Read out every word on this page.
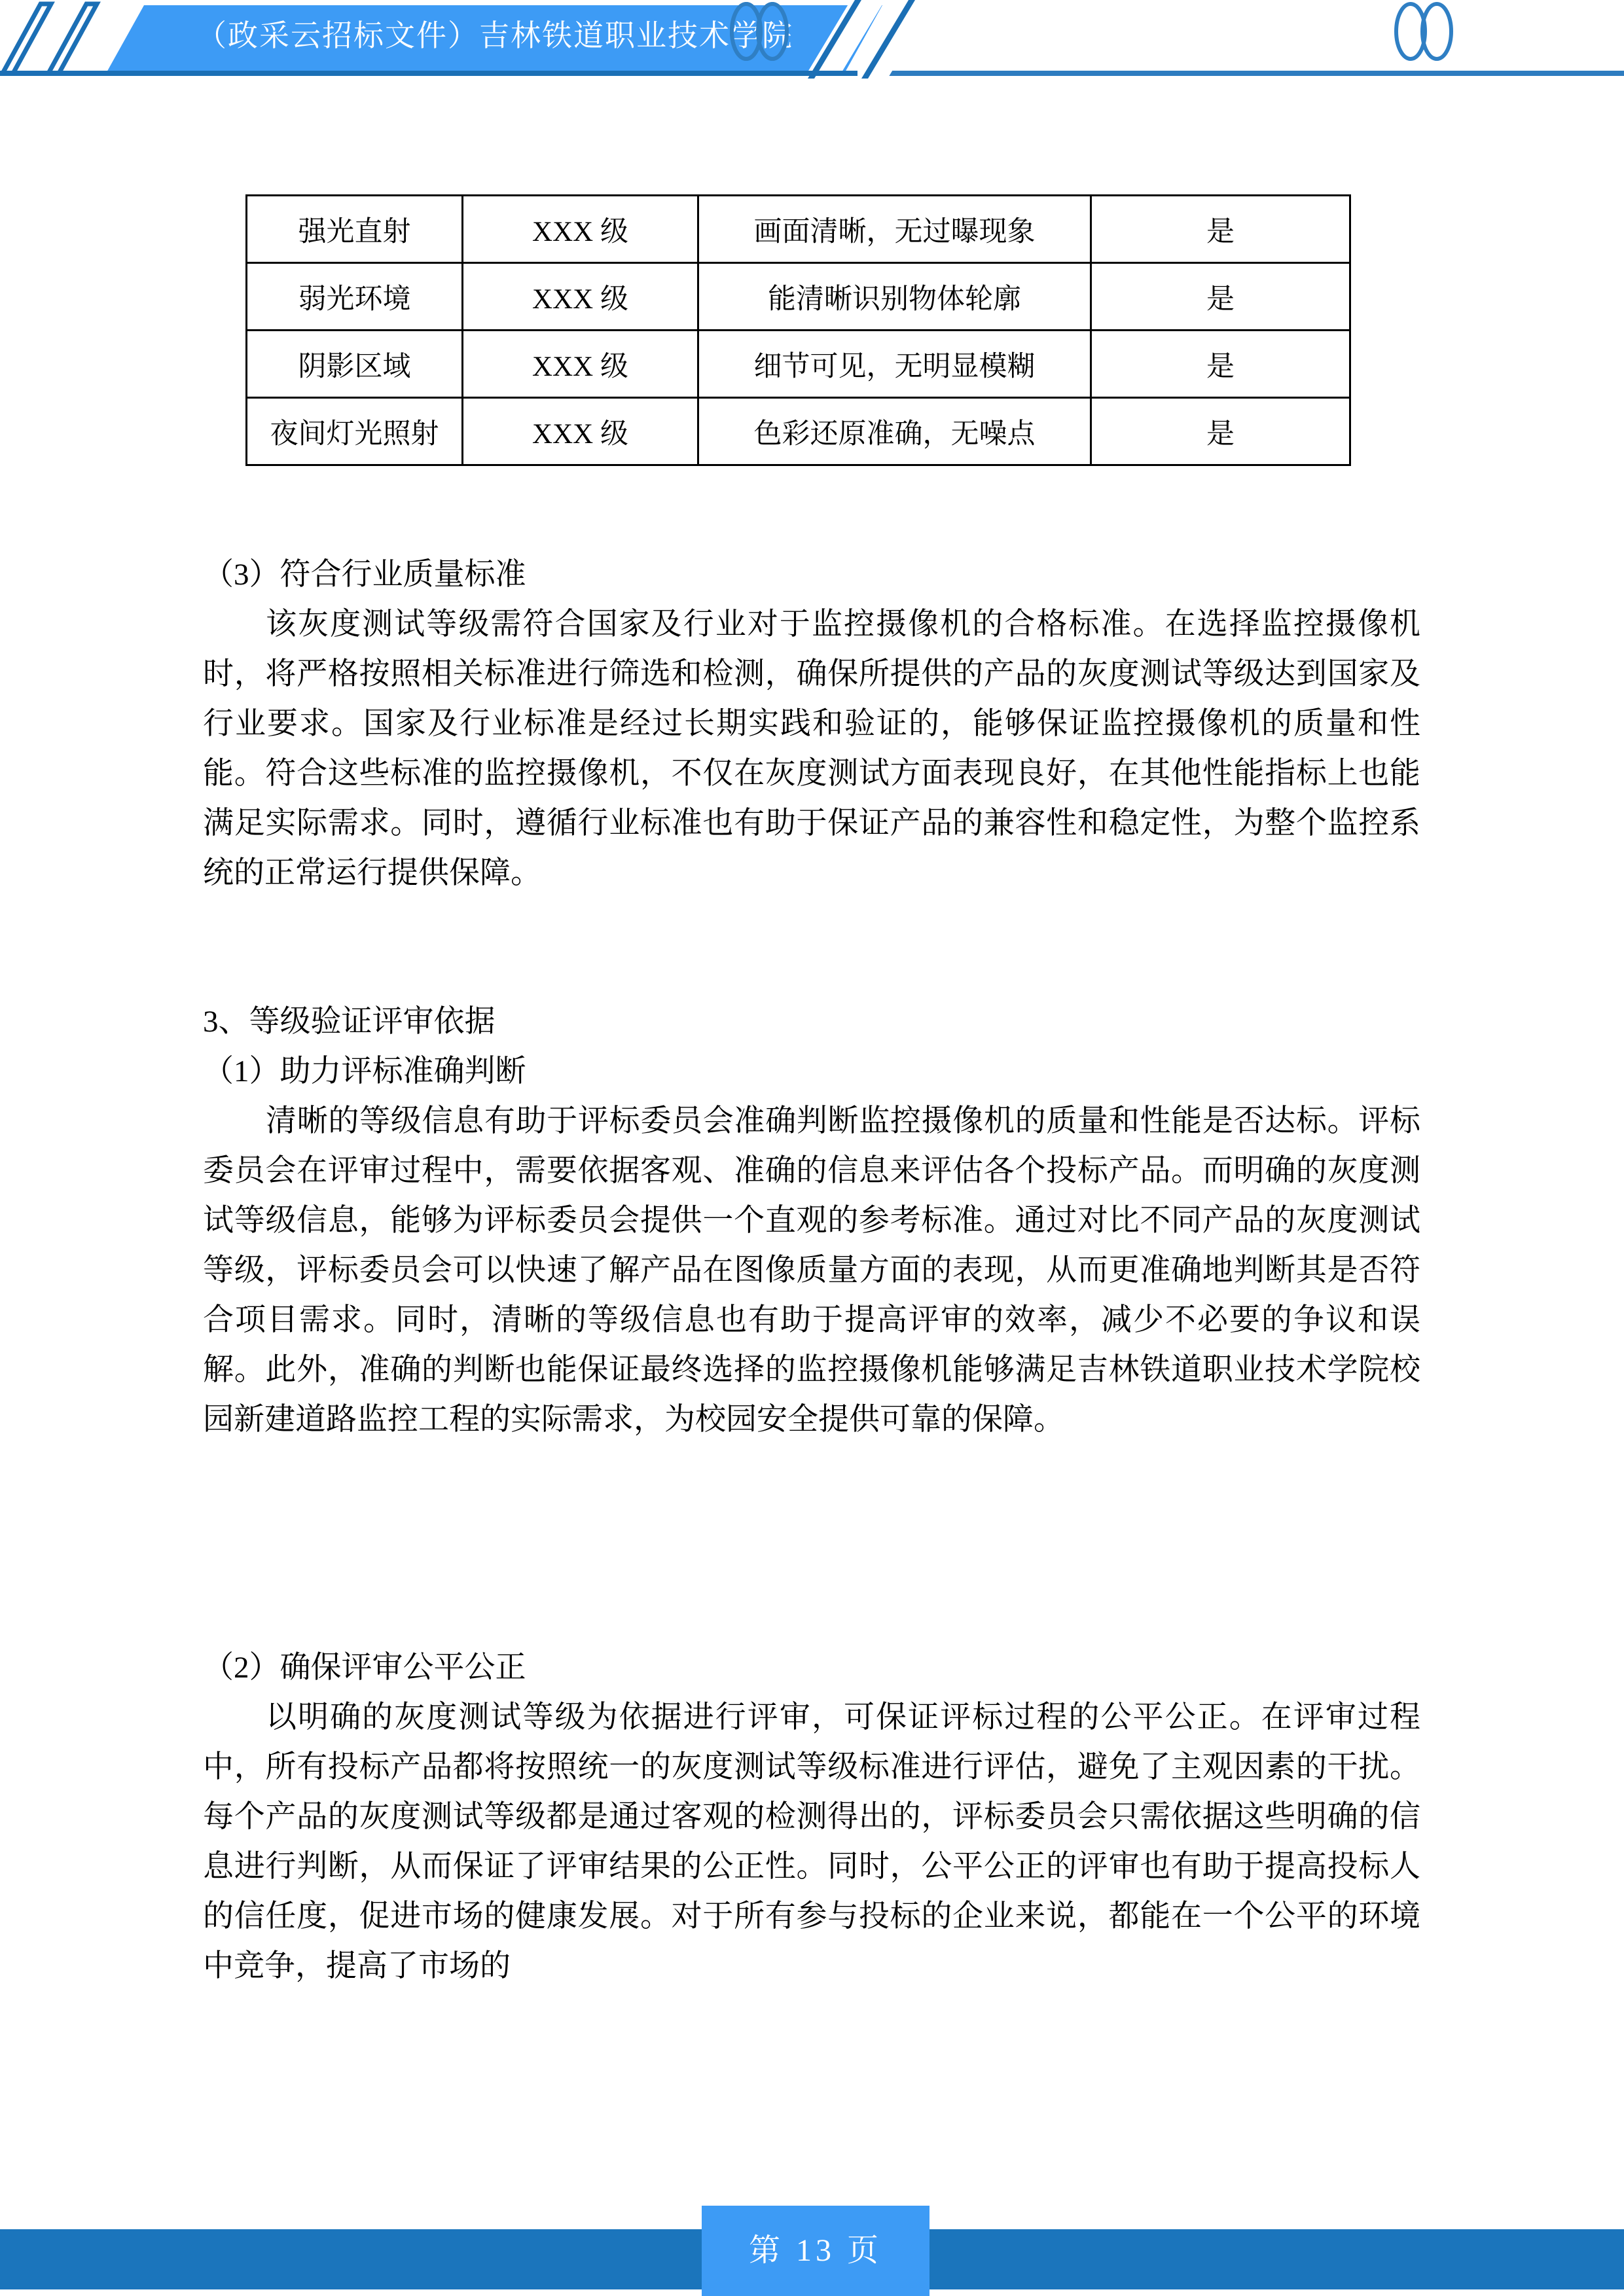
（政采云招标文件）吉林铁道职业技术学院
强光直射	XXX 级	画面清晰，无过曝现象	是
弱光环境	XXX 级	能清晰识别物体轮廓	是
阴影区域	XXX 级	细节可见，无明显模糊	是
夜间灯光照射	XXX 级	色彩还原准确，无噪点	是
（3）符合行业质量标准
该灰度测试等级需符合国家及行业对于监控摄像机的合格标准。在选择监控摄像机时，将严格按照相关标准进行筛选和检测，确保所提供的产品的灰度测试等级达到国家及行业要求。国家及行业标准是经过长期实践和验证的，能够保证监控摄像机的质量和性能。符合这些标准的监控摄像机，不仅在灰度测试方面表现良好，在其他性能指标上也能满足实际需求。同时，遵循行业标准也有助于保证产品的兼容性和稳定性，为整个监控系统的正常运行提供保障。
3、等级验证评审依据
（1）助力评标准确判断
清晰的等级信息有助于评标委员会准确判断监控摄像机的质量和性能是否达标。评标委员会在评审过程中，需要依据客观、准确的信息来评估各个投标产品。而明确的灰度测试等级信息，能够为评标委员会提供一个直观的参考标准。通过对比不同产品的灰度测试等级，评标委员会可以快速了解产品在图像质量方面的表现，从而更准确地判断其是否符合项目需求。同时，清晰的等级信息也有助于提高评审的效率，减少不必要的争议和误解。此外，准确的判断也能保证最终选择的监控摄像机能够满足吉林铁道职业技术学院校园新建道路监控工程的实际需求，为校园安全提供可靠的保障。
（2）确保评审公平公正
以明确的灰度测试等级为依据进行评审，可保证评标过程的公平公正。在评审过程中，所有投标产品都将按照统一的灰度测试等级标准进行评估，避免了主观因素的干扰。每个产品的灰度测试等级都是通过客观的检测得出的，评标委员会只需依据这些明确的信息进行判断，从而保证了评审结果的公正性。同时，公平公正的评审也有助于提高投标人的信任度，促进市场的健康发展。对于所有参与投标的企业来说，都能在一个公平的环境中竞争，提高了市场的
第 13 页
